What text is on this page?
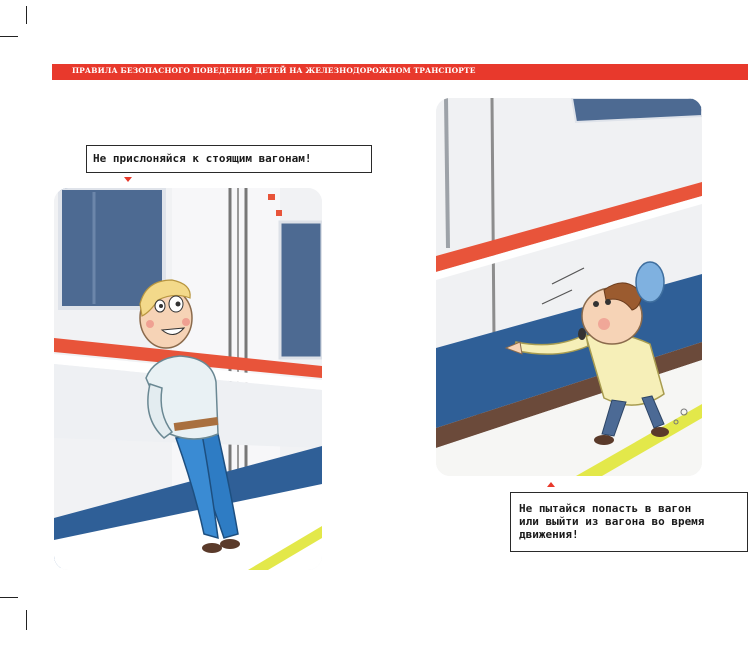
ПРАВИЛА БЕЗОПАСНОГО ПОВЕДЕНИЯ ДЕТЕЙ НА ЖЕЛЕЗНОДОРОЖНОМ ТРАНСПОРТЕ
Не прислоняйся к стоящим вагонам!
Не пытайся попасть в вагон
или выйти из вагона во время
движения!
